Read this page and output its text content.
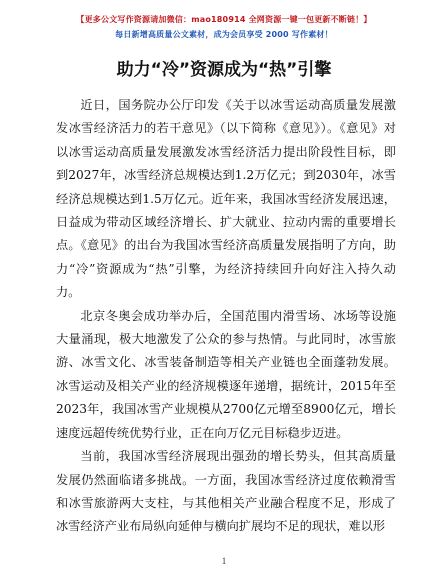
【更多公文写作资源请加微信：mao180914 全网资源一键一包更新不断链！】
每日新增高质量公文素材，成为会员享受 2000 写作素材！
助力“冷”资源成为“热”引擎

近日，国务院办公厅印发《关于以冰雪运动高质量发展激发冰雪经济活力的若干意见》（以下简称《意见》）。《意见》对以冰雪运动高质量发展激发冰雪经济活力提出阶段性目标，即到2027年，冰雪经济总规模达到1.2万亿元；到2030年，冰雪经济总规模达到1.5万亿元。近年来，我国冰雪经济发展迅速，日益成为带动区域经济增长、扩大就业、拉动内需的重要增长点。《意见》的出台为我国冰雪经济高质量发展指明了方向，助力“冷”资源成为“热”引擎，为经济持续回升向好注入持久动力。

北京冬奥会成功举办后，全国范围内滑雪场、冰场等设施大量涌现，极大地激发了公众的参与热情。与此同时，冰雪旅游、冰雪文化、冰雪装备制造等相关产业链也全面蓬勃发展。冰雪运动及相关产业的经济规模逐年递增，据统计，2015年至2023年，我国冰雪产业规模从2700亿元增至8900亿元，增长速度远超传统优势行业，正在向万亿元目标稳步迈进。

当前，我国冰雪经济展现出强劲的增长势头，但其高质量发展仍然面临诸多挑战。一方面，我国冰雪经济过度依赖滑雪和冰雪旅游两大支柱，与其他相关产业融合程度不足，形成了冰雪经济产业布局纵向延伸与横向扩展均不足的现状，难以形

1
